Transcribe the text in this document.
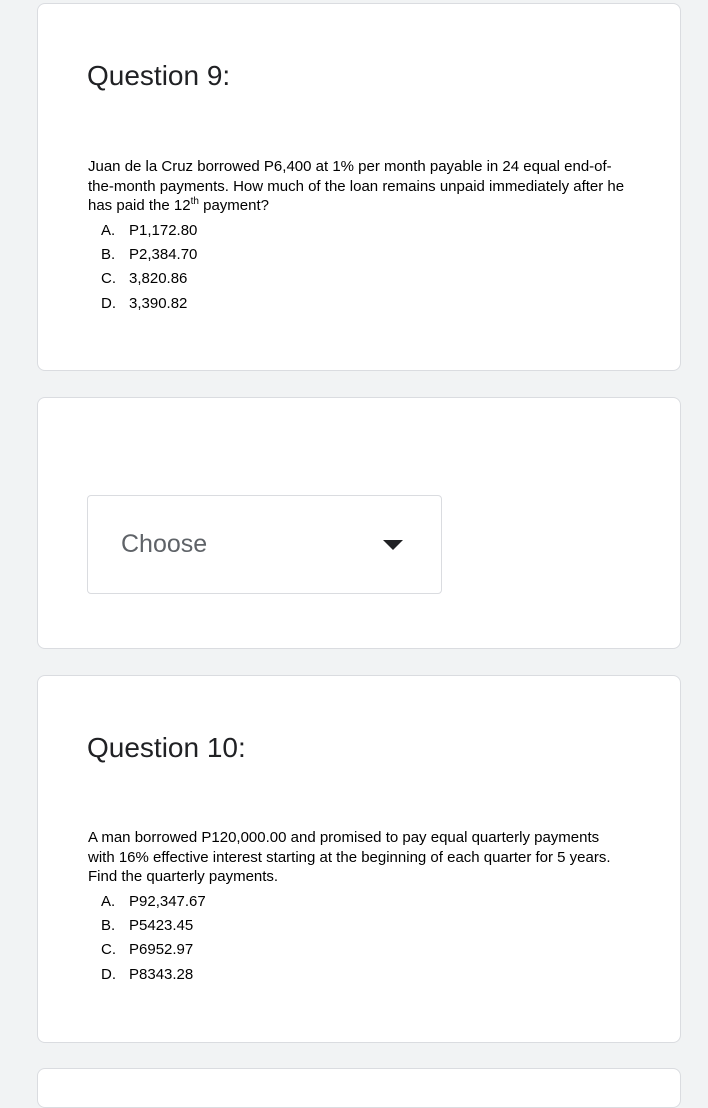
Question 9:

Juan de la Cruz borrowed P6,400 at 1% per month payable in 24 equal end-of-the-month payments. How much of the loan remains unpaid immediately after he has paid the 12th payment?

A. P1,172.80
B. P2,384.70
C. 3,820.86
D. 3,390.82
Choose
Question 10:

A man borrowed P120,000.00 and promised to pay equal quarterly payments with 16% effective interest starting at the beginning of each quarter for 5 years. Find the quarterly payments.

A. P92,347.67
B. P5423.45
C. P6952.97
D. P8343.28
